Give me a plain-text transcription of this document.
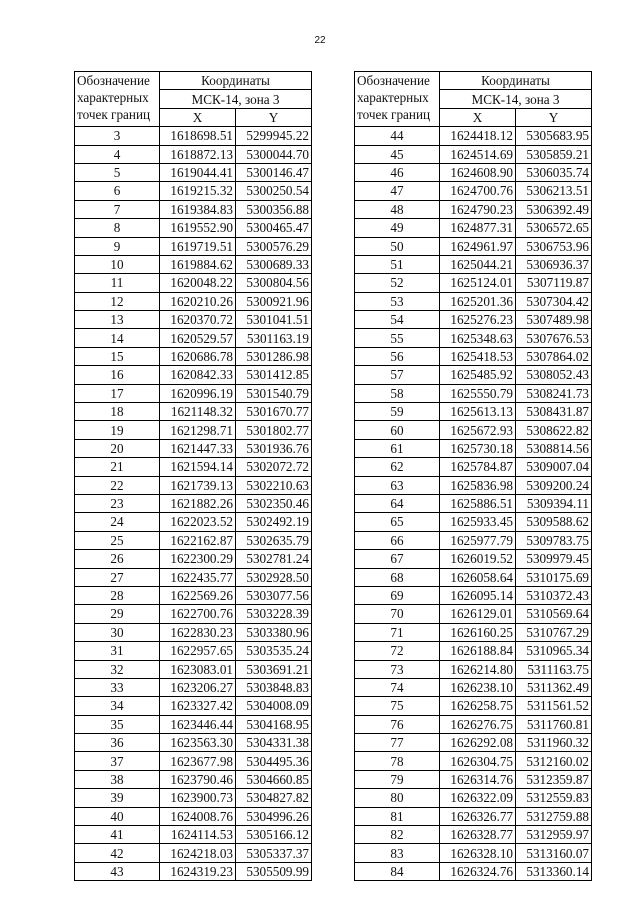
22
Обозначение
характерных
точек границ	Координаты	
	МСК-14, зона 3	
	X	Y
3	1618698.51	5299945.22
4	1618872.13	5300044.70
5	1619044.41	5300146.47
6	1619215.32	5300250.54
7	1619384.83	5300356.88
8	1619552.90	5300465.47
9	1619719.51	5300576.29
10	1619884.62	5300689.33
11	1620048.22	5300804.56
12	1620210.26	5300921.96
13	1620370.72	5301041.51
14	1620529.57	5301163.19
15	1620686.78	5301286.98
16	1620842.33	5301412.85
17	1620996.19	5301540.79
18	1621148.32	5301670.77
19	1621298.71	5301802.77
20	1621447.33	5301936.76
21	1621594.14	5302072.72
22	1621739.13	5302210.63
23	1621882.26	5302350.46
24	1622023.52	5302492.19
25	1622162.87	5302635.79
26	1622300.29	5302781.24
27	1622435.77	5302928.50
28	1622569.26	5303077.56
29	1622700.76	5303228.39
30	1622830.23	5303380.96
31	1622957.65	5303535.24
32	1623083.01	5303691.21
33	1623206.27	5303848.83
34	1623327.42	5304008.09
35	1623446.44	5304168.95
36	1623563.30	5304331.38
37	1623677.98	5304495.36
38	1623790.46	5304660.85
39	1623900.73	5304827.82
40	1624008.76	5304996.26
41	1624114.53	5305166.12
42	1624218.03	5305337.37
43	1624319.23	5305509.99
Обозначение
характерных
точек границ	Координаты	
	МСК-14, зона 3	
	X	Y
44	1624418.12	5305683.95
45	1624514.69	5305859.21
46	1624608.90	5306035.74
47	1624700.76	5306213.51
48	1624790.23	5306392.49
49	1624877.31	5306572.65
50	1624961.97	5306753.96
51	1625044.21	5306936.37
52	1625124.01	5307119.87
53	1625201.36	5307304.42
54	1625276.23	5307489.98
55	1625348.63	5307676.53
56	1625418.53	5307864.02
57	1625485.92	5308052.43
58	1625550.79	5308241.73
59	1625613.13	5308431.87
60	1625672.93	5308622.82
61	1625730.18	5308814.56
62	1625784.87	5309007.04
63	1625836.98	5309200.24
64	1625886.51	5309394.11
65	1625933.45	5309588.62
66	1625977.79	5309783.75
67	1626019.52	5309979.45
68	1626058.64	5310175.69
69	1626095.14	5310372.43
70	1626129.01	5310569.64
71	1626160.25	5310767.29
72	1626188.84	5310965.34
73	1626214.80	5311163.75
74	1626238.10	5311362.49
75	1626258.75	5311561.52
76	1626276.75	5311760.81
77	1626292.08	5311960.32
78	1626304.75	5312160.02
79	1626314.76	5312359.87
80	1626322.09	5312559.83
81	1626326.77	5312759.88
82	1626328.77	5312959.97
83	1626328.10	5313160.07
84	1626324.76	5313360.14
